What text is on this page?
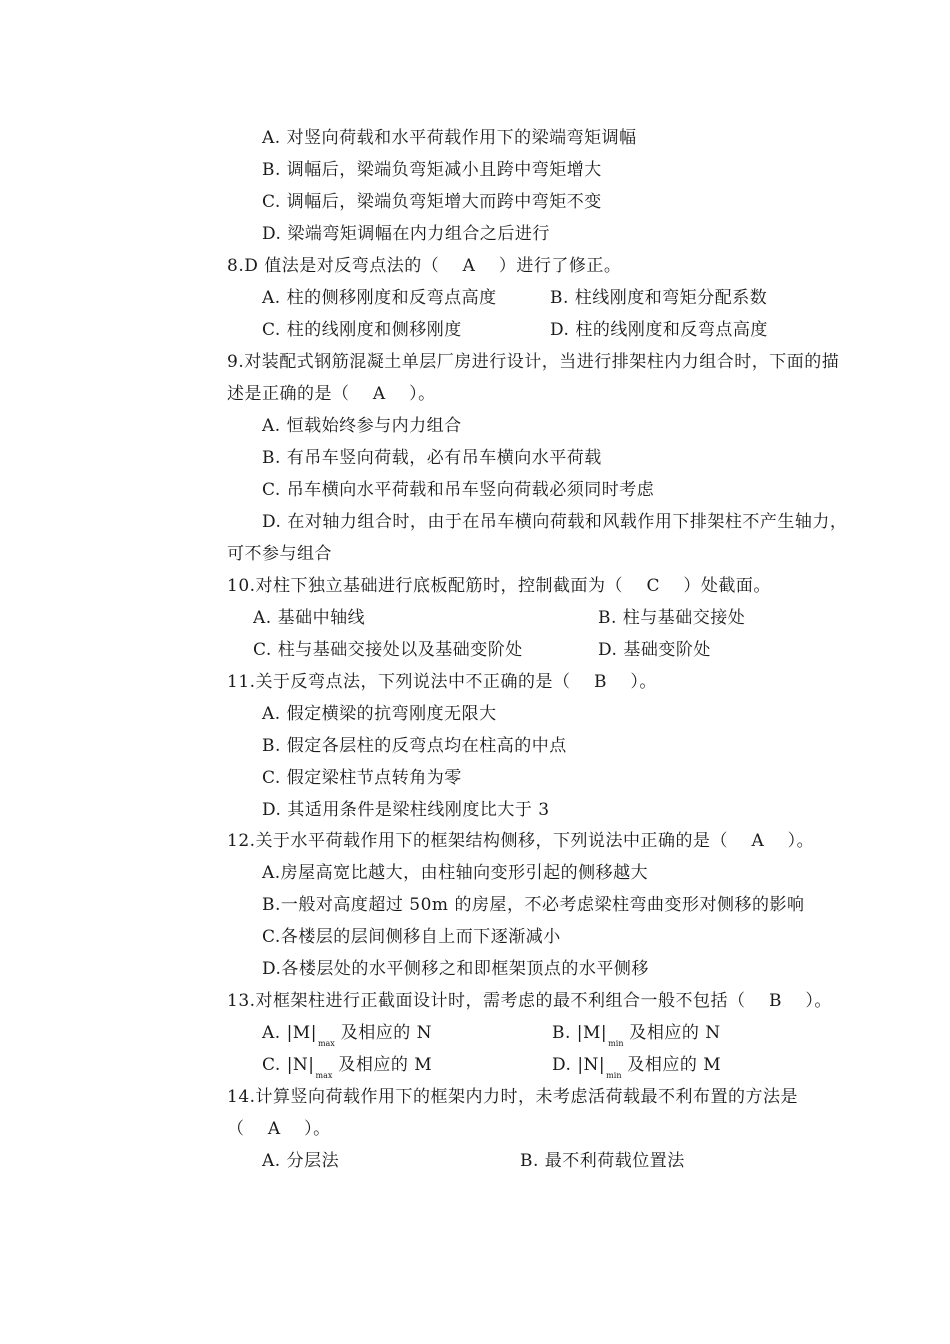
A. 对竖向荷载和水平荷载作用下的梁端弯矩调幅
B. 调幅后，梁端负弯矩减小且跨中弯矩增大
C. 调幅后，梁端负弯矩增大而跨中弯矩不变
D. 梁端弯矩调幅在内力组合之后进行
8.D 值法是对反弯点法的（　 A　 ）进行了修正。
A. 柱的侧移刚度和反弯点高度	B. 柱线刚度和弯矩分配系数
C. 柱的线刚度和侧移刚度	D. 柱的线刚度和反弯点高度
9.对装配式钢筋混凝土单层厂房进行设计，当进行排架柱内力组合时，下面的描
述是正确的是（　 A　 ）。
A. 恒载始终参与内力组合
B. 有吊车竖向荷载，必有吊车横向水平荷载
C. 吊车横向水平荷载和吊车竖向荷载必须同时考虑
D. 在对轴力组合时，由于在吊车横向荷载和风载作用下排架柱不产生轴力，
可不参与组合
10.对柱下独立基础进行底板配筋时，控制截面为（　 C　 ）处截面。
A. 基础中轴线	B. 柱与基础交接处
C. 柱与基础交接处以及基础变阶处	D. 基础变阶处
11.关于反弯点法，下列说法中不正确的是（　 B　 ）。
A. 假定横梁的抗弯刚度无限大
B. 假定各层柱的反弯点均在柱高的中点
C. 假定梁柱节点转角为零
D. 其适用条件是梁柱线刚度比大于 3
12.关于水平荷载作用下的框架结构侧移，下列说法中正确的是（　 A　 ）。
A.房屋高宽比越大，由柱轴向变形引起的侧移越大
B.一般对高度超过 50m 的房屋，不必考虑梁柱弯曲变形对侧移的影响
C.各楼层的层间侧移自上而下逐渐减小
D.各楼层处的水平侧移之和即框架顶点的水平侧移
13.对框架柱进行正截面设计时，需考虑的最不利组合一般不包括（　 B　 ）。
A. $|M|_{max}$ 及相应的 N	B. $|M|_{min}$ 及相应的 N
C. $|N|_{max}$ 及相应的 M	D. $|N|_{min}$ 及相应的 M
14.计算竖向荷载作用下的框架内力时，未考虑活荷载最不利布置的方法是
（　 A　 ）。
A. 分层法	B. 最不利荷载位置法
